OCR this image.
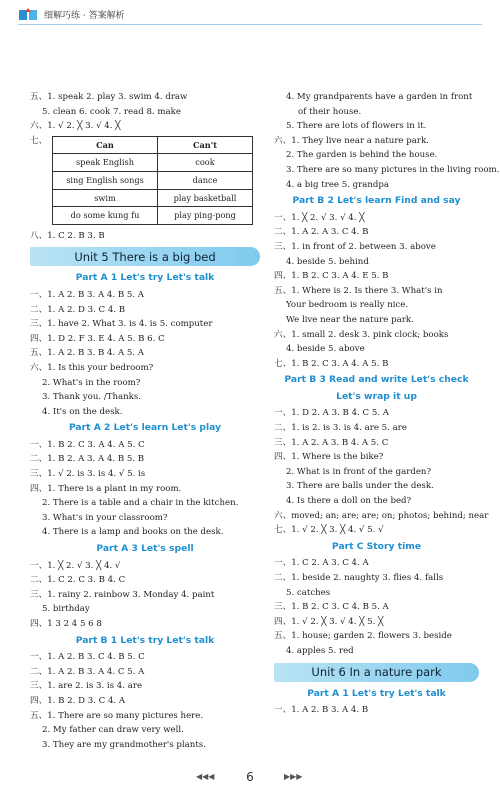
细解巧练 · 答案解析
五、1. speak 2. play 3. swim 4. draw
5. clean 6. cook 7. read 8. make
六、1. √ 2. ╳ 3. √ 4. ╳
七、	Can	Can't
speak English	cook
sing English songs	dance
swim	play basketball
do some kung fu	play ping-pong
八、1. C 2. B 3. B
Unit 5 There is a big bed
Part A 1 Let's try Let's talk
一、1. A 2. B 3. A 4. B 5. A
二、1. A 2. D 3. C 4. B
三、1. have 2. What 3. is 4. is 5. computer
四、1. D 2. F 3. E 4. A 5. B 6. C
五、1. A 2. B 3. B 4. A 5. A
六、1. Is this your bedroom?
2. What's in the room?
3. Thank you. /Thanks.
4. It's on the desk.
Part A 2 Let's learn Let's play
一、1. B 2. C 3. A 4. A 5. C
二、1. B 2. A 3. A 4. B 5. B
三、1. √ 2. is 3. is 4. √ 5. is
四、1. There is a plant in my room.
2. There is a table and a chair in the kitchen.
3. What's in your classroom?
4. There is a lamp and books on the desk.
Part A 3 Let's spell
一、1. ╳ 2. √ 3. ╳ 4. √
二、1. C 2. C 3. B 4. C
三、1. rainy 2. rainbow 3. Monday 4. paint
5. birthday
四、1 3 2 4 5 6 8
Part B 1 Let's try Let's talk
一、1. A 2. B 3. C 4. B 5. C
二、1. A 2. B 3. A 4. C 5. A
三、1. are 2. is 3. is 4. are
四、1. B 2. D 3. C 4. A
五、1. There are so many pictures here.
2. My father can draw very well.
3. They are my grandmother's plants.
4. My grandparents have a garden in front
of their house.
5. There are lots of flowers in it.
六、1. They live near a nature park.
2. The garden is behind the house.
3. There are so many pictures in the living room.
4. a big tree 5. grandpa
Part B 2 Let's learn Find and say
一、1. ╳ 2. √ 3. √ 4. ╳
二、1. A 2. A 3. C 4. B
三、1. in front of 2. between 3. above
4. beside 5. behind
四、1. B 2. C 3. A 4. E 5. B
五、1. Where is 2. Is there 3. What's in
Your bedroom is really nice.
We live near the nature park.
六、1. small 2. desk 3. pink clock; books
4. beside 5. above
七、1. B 2. C 3. A 4. A 5. B
Part B 3 Read and write Let's check
Let's wrap it up
一、1. D 2. A 3. B 4. C 5. A
二、1. is 2. is 3. is 4. are 5. are
三、1. A 2. A 3. B 4. A 5. C
四、1. Where is the bike?
2. What is in front of the garden?
3. There are balls under the desk.
4. Is there a doll on the bed?
六、moved; an; are; are; on; photos; behind; near
七、1. √ 2. ╳ 3. ╳ 4. √ 5. √
Part C Story time
一、1. C 2. A 3. C 4. A
二、1. beside 2. naughty 3. flies 4. falls
5. catches
三、1. B 2. C 3. C 4. B 5. A
四、1. √ 2. ╳ 3. √ 4. ╳ 5. ╳
五、1. house; garden 2. flowers 3. beside
4. apples 5. red
Unit 6 In a nature park
Part A 1 Let's try Let's talk
一、1. A 2. B 3. A 4. B
◀◀◀	6	▶▶▶
